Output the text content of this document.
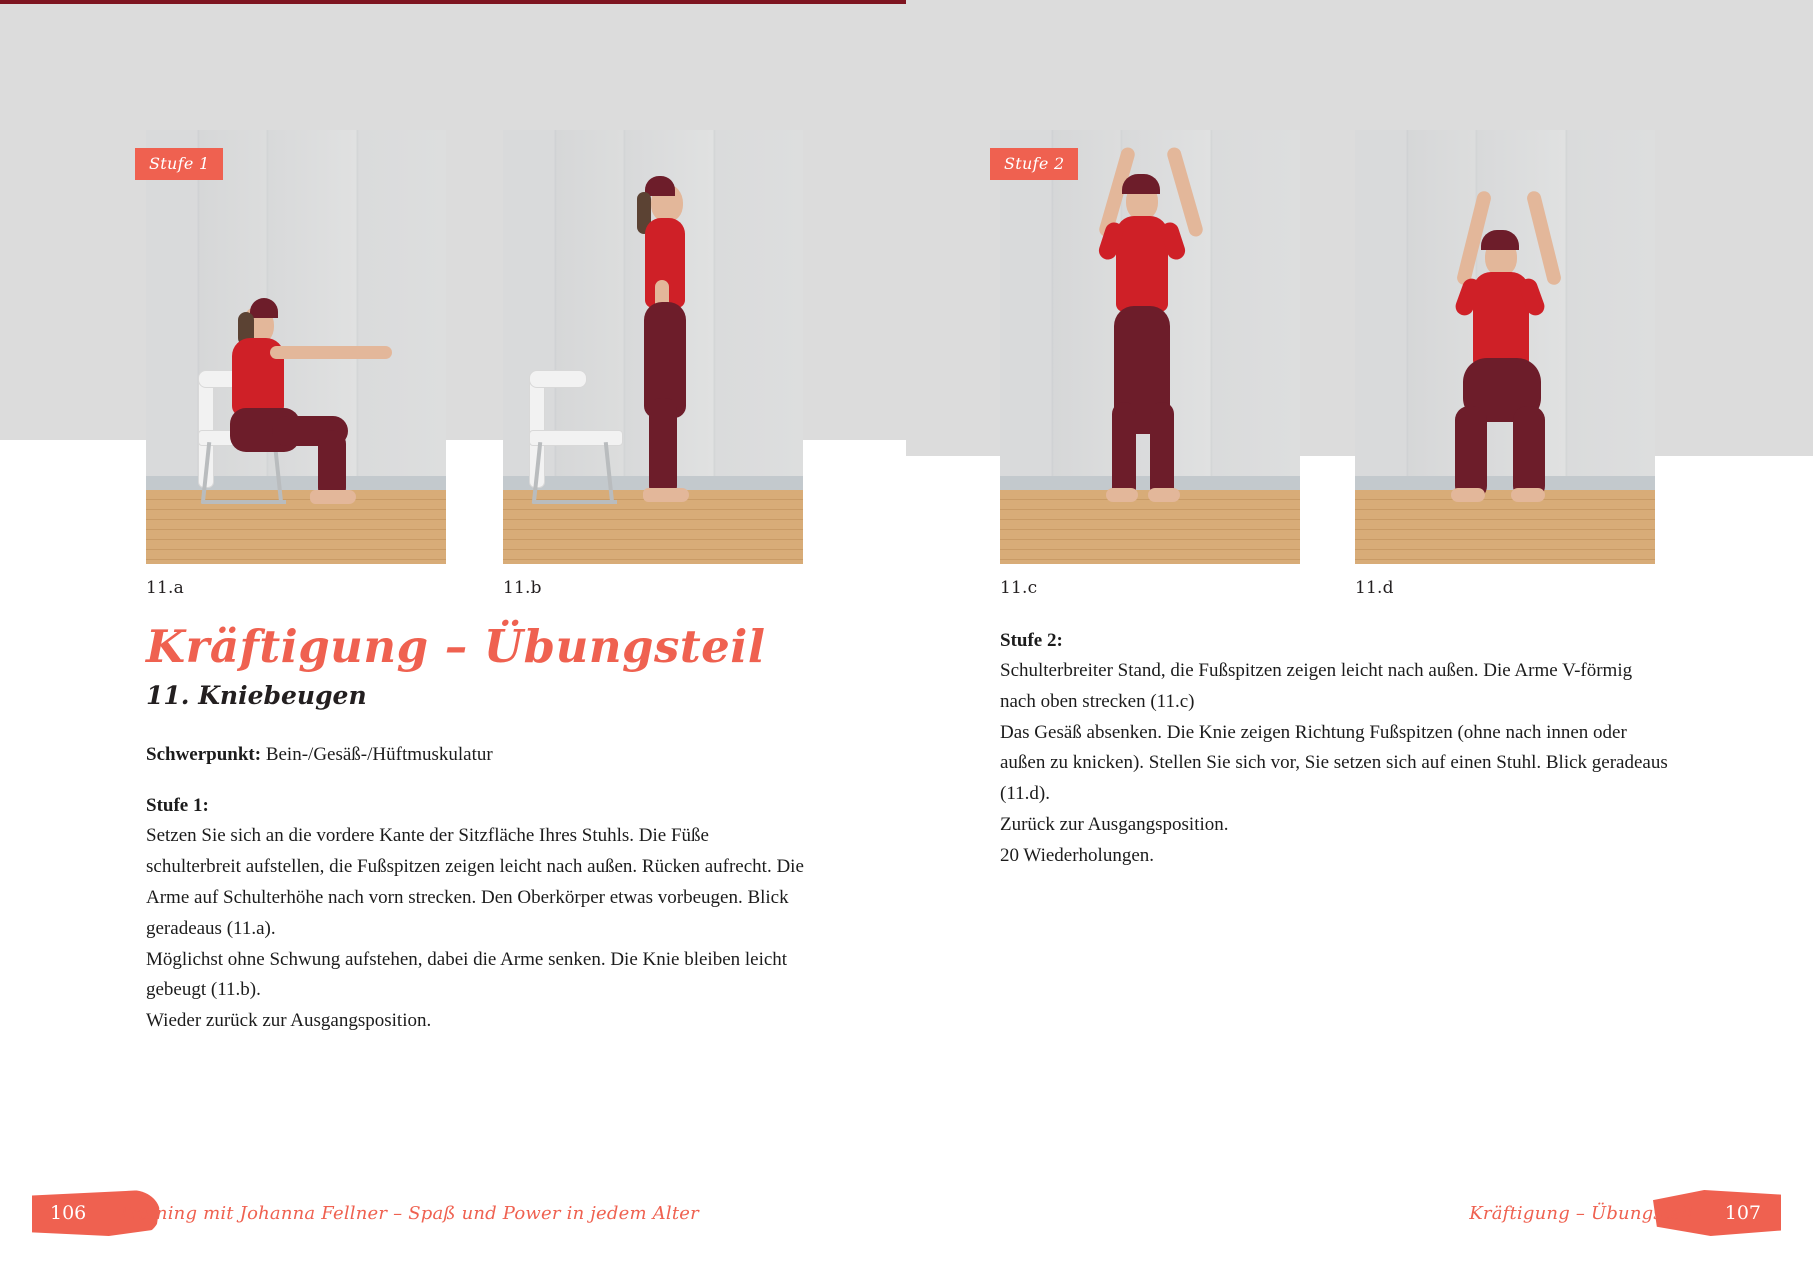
Stufe 1	Stufe 2
11.a	11.b	11.c	11.d
Kräftigung – Übungsteil
11. Kniebeugen

Schwerpunkt: Bein-/Gesäß-/Hüftmuskulatur

Stufe 1:

Setzen Sie sich an die vordere Kante der Sitzfläche Ihres Stuhls. Die Füße schulterbreit aufstellen, die Fußspitzen zeigen leicht nach außen. Rücken aufrecht. Die Arme auf Schulterhöhe nach vorn strecken. Den Oberkörper etwas vorbeugen. Blick geradeaus (11.a).

Möglichst ohne Schwung aufstehen, dabei die Arme senken. Die Knie bleiben leicht gebeugt (11.b).

Wieder zurück zur Ausgangsposition.

Stufe 2:

Schulterbreiter Stand, die Fußspitzen zeigen leicht nach außen. Die Arme V-förmig nach oben strecken (11.c)

Das Gesäß absenken. Die Knie zeigen Richtung Fußspitzen (ohne nach innen oder außen zu knicken). Stellen Sie sich vor, Sie setzen sich auf einen Stuhl. Blick geradeaus (11.d).

Zurück zur Ausgangsposition.

20 Wiederholungen.

106 Training mit Johanna Fellner – Spaß und Power in jedem Alter	107
Kräftigung – Übungsteil
